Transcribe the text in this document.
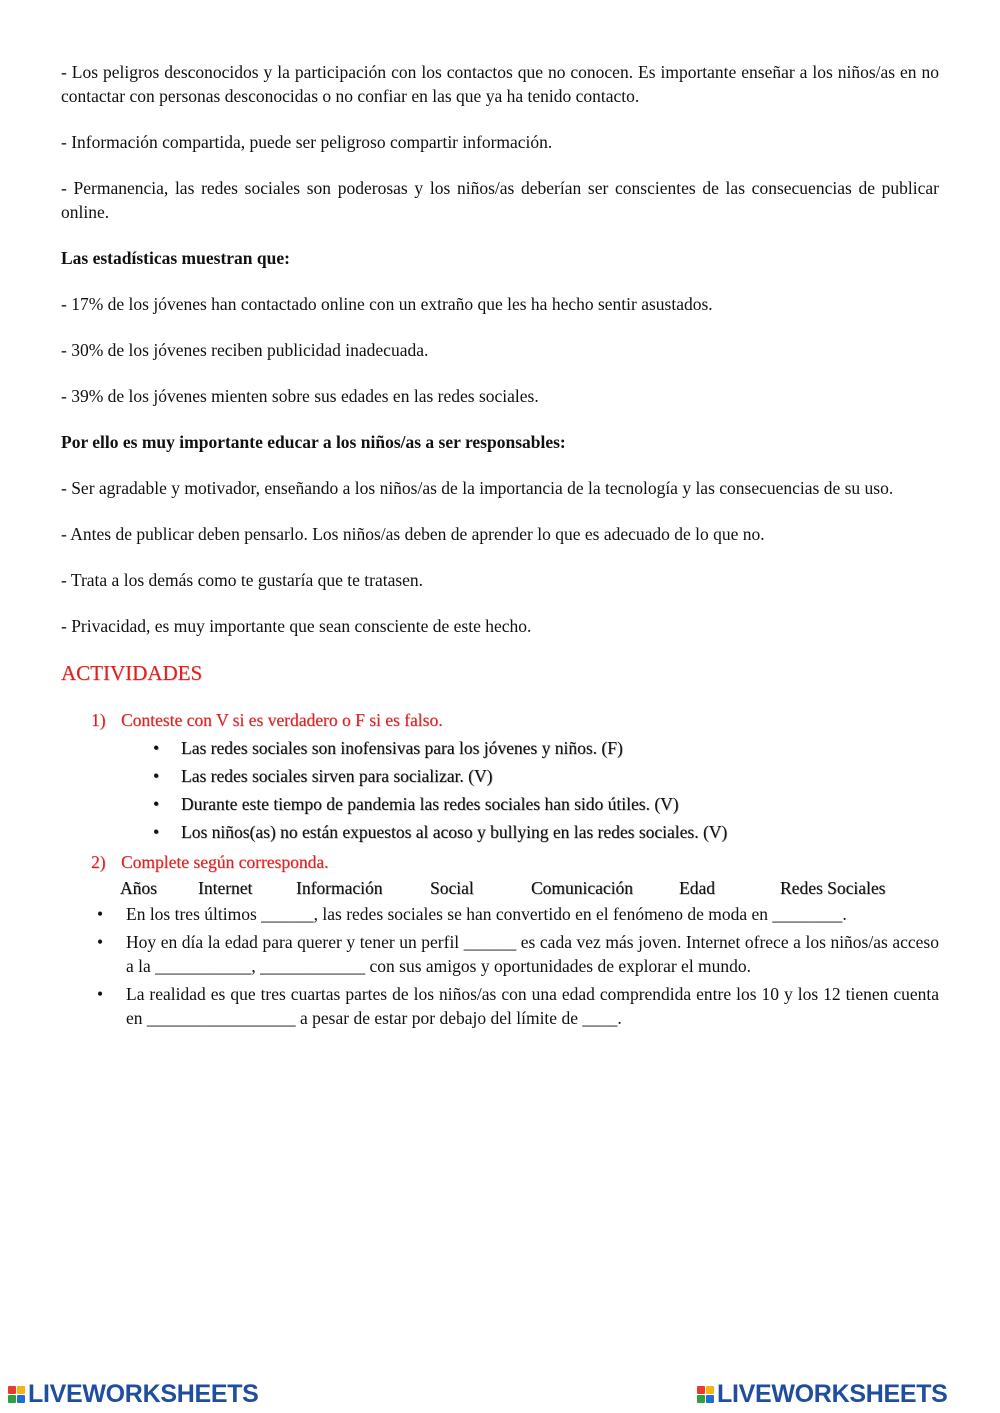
- Los peligros desconocidos y la participación con los contactos que no conocen. Es importante enseñar a los niños/as en no contactar con personas desconocidas o no confiar en las que ya ha tenido contacto.

- Información compartida, puede ser peligroso compartir información.

- Permanencia, las redes sociales son poderosas y los niños/as deberían ser conscientes de las consecuencias de publicar online.

Las estadísticas muestran que:

- 17% de los jóvenes han contactado online con un extraño que les ha hecho sentir asustados.

- 30% de los jóvenes reciben publicidad inadecuada.

- 39% de los jóvenes mienten sobre sus edades en las redes sociales.

Por ello es muy importante educar a los niños/as a ser responsables:

- Ser agradable y motivador, enseñando a los niños/as de la importancia de la tecnología y las consecuencias de su uso.

- Antes de publicar deben pensarlo. Los niños/as deben de aprender lo que es adecuado de lo que no.

- Trata a los demás como te gustaría que te tratasen.

- Privacidad, es muy importante que sean consciente de este hecho.

ACTIVIDADES
1) Conteste con V si es verdadero o F si es falso.
• Las redes sociales son inofensivas para los jóvenes y niños. (F)
• Las redes sociales sirven para socializar. (V)
• Durante este tiempo de pandemia las redes sociales han sido útiles. (V)
• Los niños(as) no están expuestos al acoso y bullying en las redes sociales. (V)
2) Complete según corresponda.
Años	Internet	Información	Social	Comunicación	Edad	Redes Sociales
• En los tres últimos ______, las redes sociales se han convertido en el fenómeno de moda en ________.
• Hoy en día la edad para querer y tener un perfil ______ es cada vez más joven. Internet ofrece a los niños/as acceso a la ___________, ____________ con sus amigos y oportunidades de explorar el mundo.
• La realidad es que tres cuartas partes de los niños/as con una edad comprendida entre los 10 y los 12 tienen cuenta en _________________ a pesar de estar por debajo del límite de ____.
LIVEWORKSHEETS	LIVEWORKSHEETS
